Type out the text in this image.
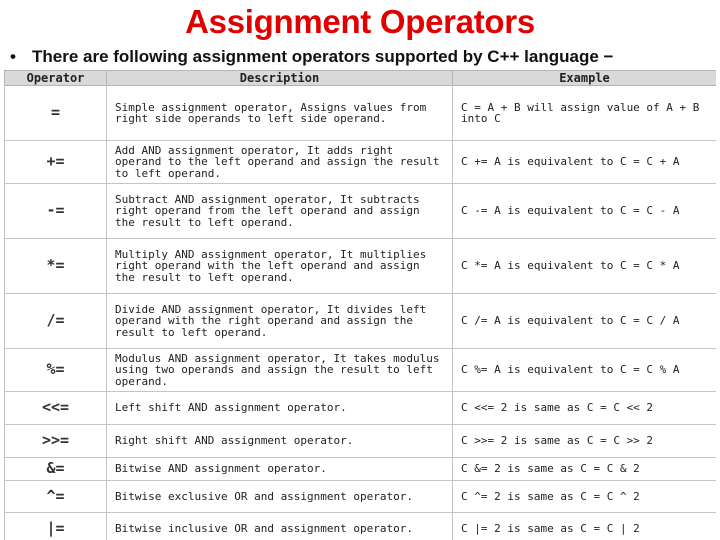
Assignment Operators
• There are following assignment operators supported by C++ language −
Operator	Description	Example
=	Simple assignment operator, Assigns values from right side operands to left side operand.	C = A + B will assign value of A + B into C
+=	Add AND assignment operator, It adds right operand to the left operand and assign the result to left operand.	C += A is equivalent to C = C + A
-=	Subtract AND assignment operator, It subtracts right operand from the left operand and assign the result to left operand.	C -= A is equivalent to C = C - A
*=	Multiply AND assignment operator, It multiplies right operand with the left operand and assign the result to left operand.	C *= A is equivalent to C = C * A
/=	Divide AND assignment operator, It divides left operand with the right operand and assign the result to left operand.	C /= A is equivalent to C = C / A
%=	Modulus AND assignment operator, It takes modulus using two operands and assign the result to left operand.	C %= A is equivalent to C = C % A
<<=	Left shift AND assignment operator.	C <<= 2 is same as C = C << 2
>>=	Right shift AND assignment operator.	C >>= 2 is same as C = C >> 2
&=	Bitwise AND assignment operator.	C &= 2 is same as C = C & 2
^=	Bitwise exclusive OR and assignment operator.	C ^= 2 is same as C = C ^ 2
|=	Bitwise inclusive OR and assignment operator.	C |= 2 is same as C = C | 2
